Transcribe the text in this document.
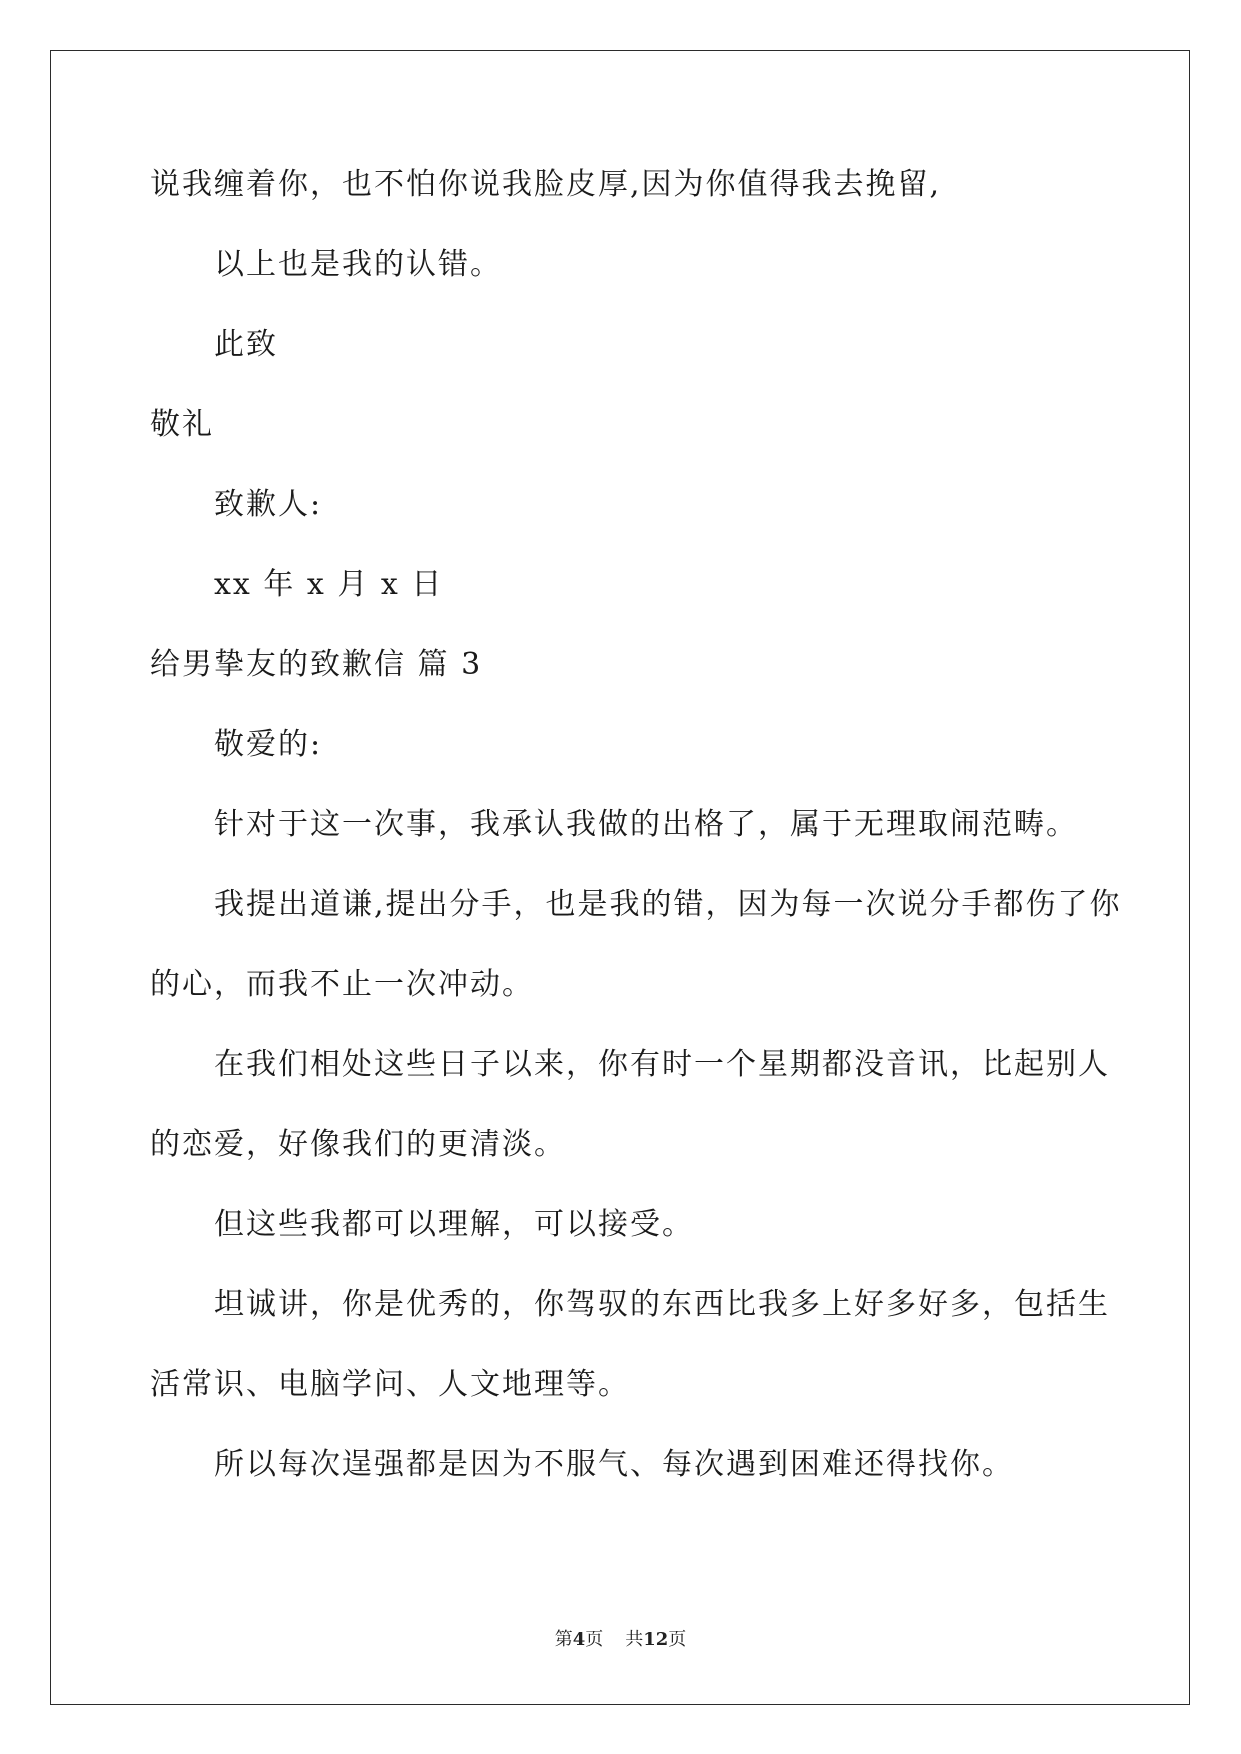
说我缠着你，也不怕你说我脸皮厚,因为你值得我去挽留,
以上也是我的认错。
此致
敬礼
致歉人:
xx 年 x 月 x 日
给男挚友的致歉信 篇 3
敬爱的:
针对于这一次事，我承认我做的出格了，属于无理取闹范畴。
我提出道谦,提出分手，也是我的错，因为每一次说分手都伤了你
的心，而我不止一次冲动。
在我们相处这些日子以来，你有时一个星期都没音讯，比起别人
的恋爱，好像我们的更清淡。
但这些我都可以理解，可以接受。
坦诚讲，你是优秀的，你驾驭的东西比我多上好多好多，包括生
活常识、电脑学问、人文地理等。
所以每次逞强都是因为不服气、每次遇到困难还得找你。
第4页 共12页
